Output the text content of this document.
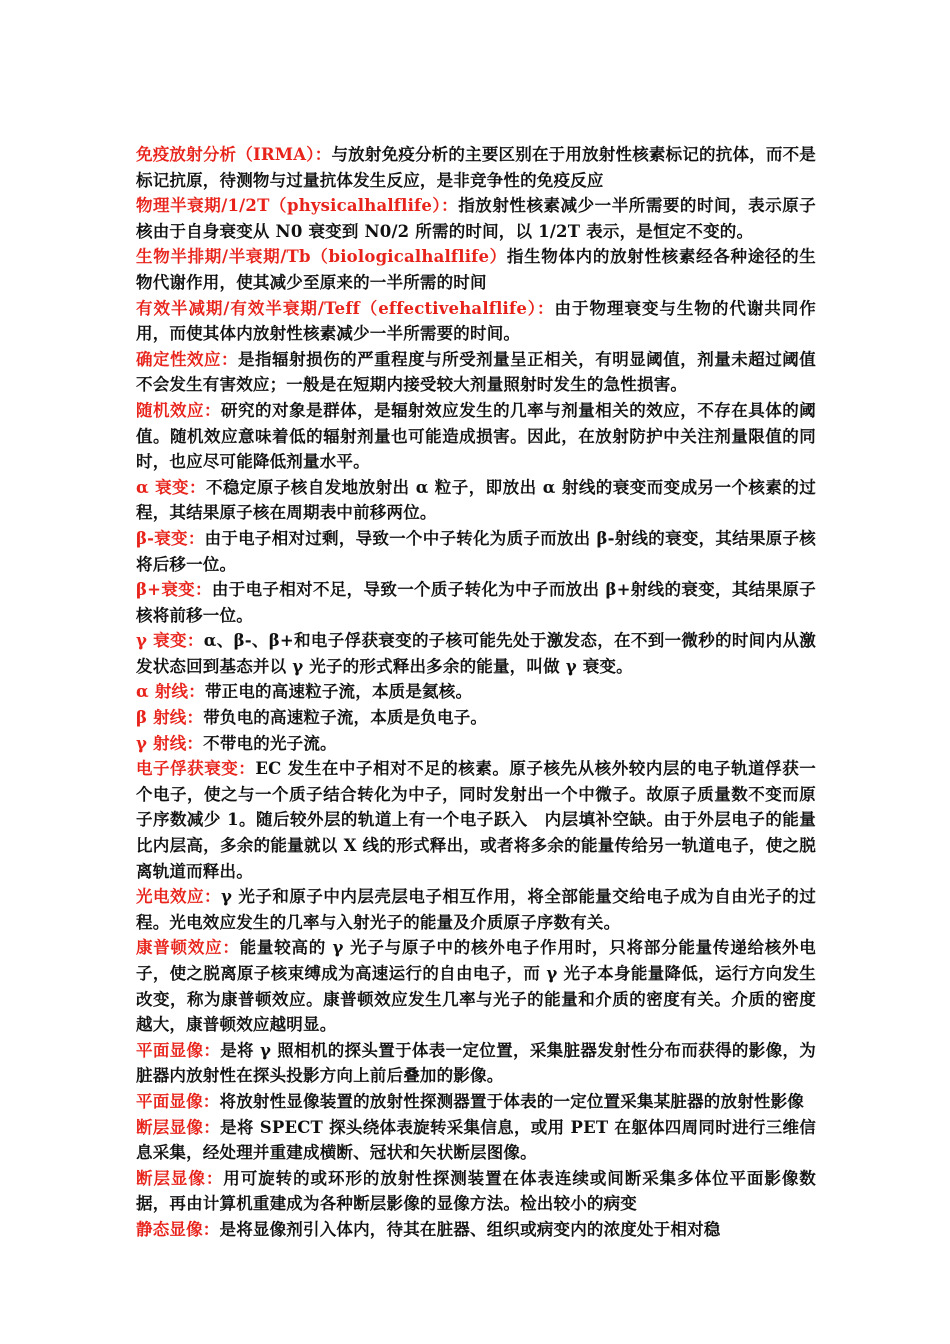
免疫放射分析（IRMA）：与放射免疫分析的主要区别在于用放射性核素标记的抗体，而不是标记抗原，待测物与过量抗体发生反应，是非竞争性的免疫反应

物理半衰期/1/2T（physicalhalflife）：指放射性核素减少一半所需要的时间，表示原子核由于自身衰变从 N0 衰变到 N0/2 所需的时间，以 1/2T 表示，是恒定不变的。

生物半排期/半衰期/Tb（biologicalhalflife）指生物体内的放射性核素经各种途径的生物代谢作用，使其减少至原来的一半所需的时间

有效半减期/有效半衰期/Teff（effectivehalflife）：由于物理衰变与生物的代谢共同作用，而使其体内放射性核素减少一半所需要的时间。

确定性效应：是指辐射损伤的严重程度与所受剂量呈正相关，有明显阈值，剂量未超过阈值不会发生有害效应；一般是在短期内接受较大剂量照射时发生的急性损害。

随机效应：研究的对象是群体，是辐射效应发生的几率与剂量相关的效应，不存在具体的阈值。随机效应意味着低的辐射剂量也可能造成损害。因此，在放射防护中关注剂量限值的同时，也应尽可能降低剂量水平。

α 衰变：不稳定原子核自发地放射出 α 粒子，即放出 α 射线的衰变而变成另一个核素的过程，其结果原子核在周期表中前移两位。

β-衰变：由于电子相对过剩，导致一个中子转化为质子而放出 β-射线的衰变，其结果原子核将后移一位。

β+衰变：由于电子相对不足，导致一个质子转化为中子而放出 β+射线的衰变，其结果原子核将前移一位。

γ 衰变：α、β-、β+和电子俘获衰变的子核可能先处于激发态，在不到一微秒的时间内从激发状态回到基态并以 γ 光子的形式释出多余的能量，叫做 γ 衰变。

α 射线：带正电的高速粒子流，本质是氦核。

β 射线：带负电的高速粒子流，本质是负电子。

γ 射线：不带电的光子流。

电子俘获衰变：EC 发生在中子相对不足的核素。原子核先从核外较内层的电子轨道俘获一个电子，使之与一个质子结合转化为中子，同时发射出一个中微子。故原子质量数不变而原子序数减少 1。随后较外层的轨道上有一个电子跃入　内层填补空缺。由于外层电子的能量比内层高，多余的能量就以 X 线的形式释出，或者将多余的能量传给另一轨道电子，使之脱离轨道而释出。

光电效应：γ 光子和原子中内层壳层电子相互作用，将全部能量交给电子成为自由光子的过程。光电效应发生的几率与入射光子的能量及介质原子序数有关。

康普顿效应：能量较高的 γ 光子与原子中的核外电子作用时，只将部分能量传递给核外电子，使之脱离原子核束缚成为高速运行的自由电子，而 γ 光子本身能量降低，运行方向发生改变，称为康普顿效应。康普顿效应发生几率与光子的能量和介质的密度有关。介质的密度越大，康普顿效应越明显。

平面显像：是将 γ 照相机的探头置于体表一定位置，采集脏器发射性分布而获得的影像，为脏器内放射性在探头投影方向上前后叠加的影像。

平面显像：将放射性显像装置的放射性探测器置于体表的一定位置采集某脏器的放射性影像

断层显像：是将 SPECT 探头绕体表旋转采集信息，或用 PET 在躯体四周同时进行三维信息采集，经处理并重建成横断、冠状和矢状断层图像。

断层显像：用可旋转的或环形的放射性探测装置在体表连续或间断采集多体位平面影像数据，再由计算机重建成为各种断层影像的显像方法。检出较小的病变

静态显像：是将显像剂引入体内，待其在脏器、组织或病变内的浓度处于相对稳
